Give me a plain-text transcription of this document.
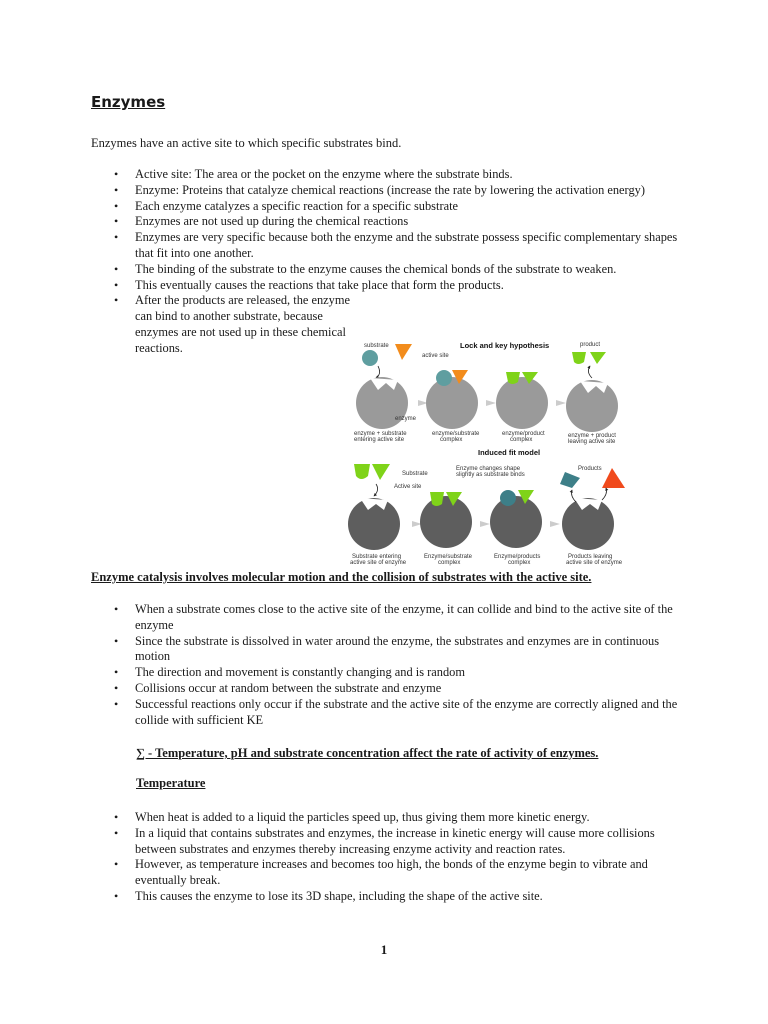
Enzymes

Enzymes have an active site to which specific substrates bind.

• Active site: The area or the pocket on the enzyme where the substrate binds.
• Enzyme: Proteins that catalyze chemical reactions (increase the rate by lowering the activation energy)
• Each enzyme catalyzes a specific reaction for a specific substrate
• Enzymes are not used up during the chemical reactions
• Enzymes are very specific because both the enzyme and the substrate possess specific complementary shapes that fit into one another.
• The binding of the substrate to the enzyme causes the chemical bonds of the substrate to weaken.
• This eventually causes the reactions that take place that form the products.
• After the products are released, the enzyme can bind to another substrate, because enzymes are not used up in these chemical reactions.	Lock and key hypothesis
substrate
active site
enzyme
product
enzyme + substrate
entering active site
enzyme/substrate
complex
enzyme/product
complex
enzyme + product
leaving active site
Induced fit model
Substrate
Active site
Enzyme changes shape
slightly as substrate binds
Products
Substrate entering
active site of enzyme
Enzyme/substrate
complex
Enzyme/products
complex
Products leaving
active site of enzyme

Enzyme catalysis involves molecular motion and the collision of substrates with the active site.

• When a substrate comes close to the active site of the enzyme, it can collide and bind to the active site of the enzyme
• Since the substrate is dissolved in water around the enzyme, the substrates and enzymes are in continuous motion
• The direction and movement is constantly changing and is random
• Collisions occur at random between the substrate and enzyme
• Successful reactions only occur if the substrate and the active site of the enzyme are correctly aligned and the collide with sufficient KE

∑ - Temperature, pH and substrate concentration affect the rate of activity of enzymes.

Temperature

• When heat is added to a liquid the particles speed up, thus giving them more kinetic energy.
• In a liquid that contains substrates and enzymes, the increase in kinetic energy will cause more collisions between substrates and enzymes thereby increasing enzyme activity and reaction rates.
• However, as temperature increases and becomes too high, the bonds of the enzyme begin to vibrate and eventually break.
• This causes the enzyme to lose its 3D shape, including the shape of the active site.

1
